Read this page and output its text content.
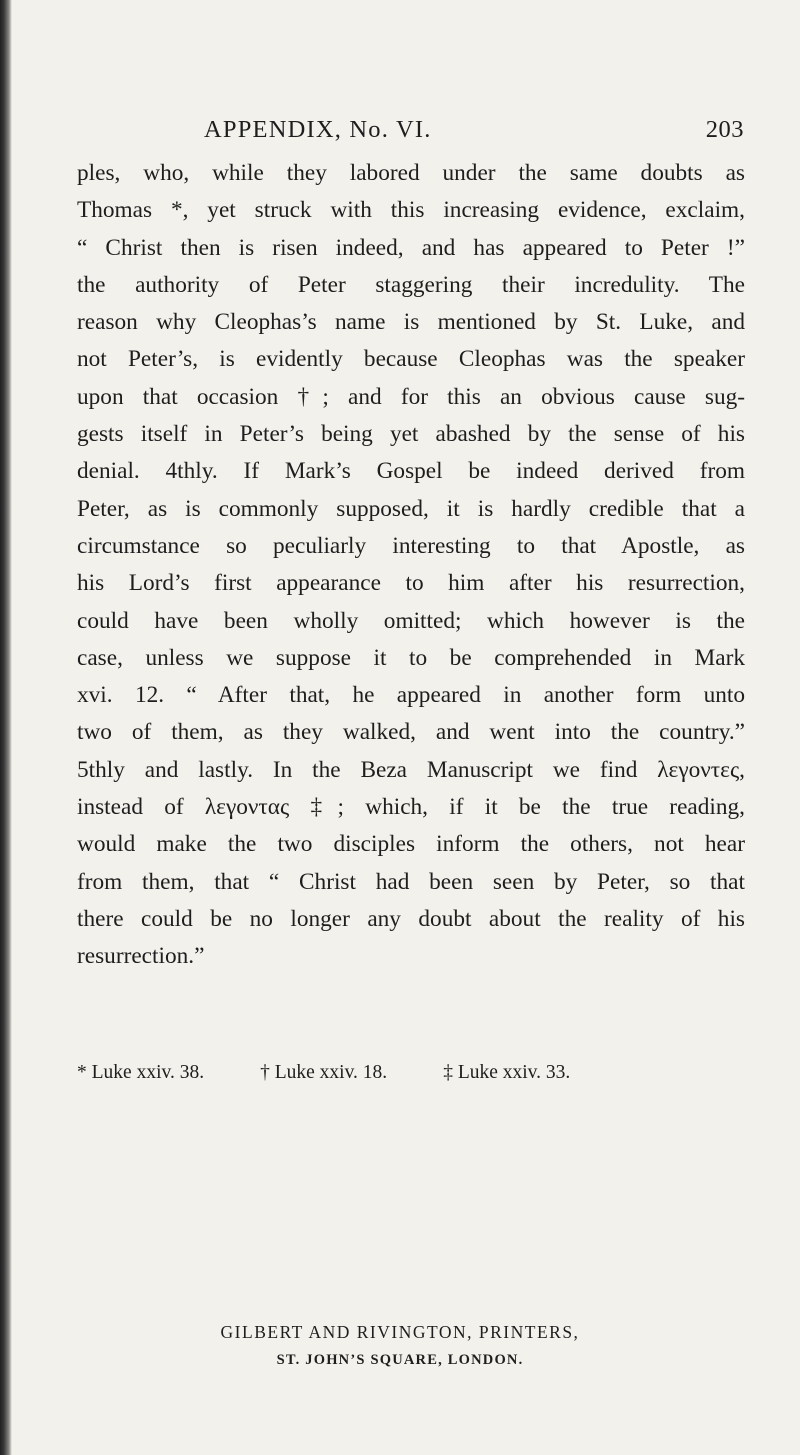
APPENDIX, No. VI.	203
ples, who, while they labored under the same doubts as
Thomas *, yet struck with this increasing evidence, exclaim,
“ Christ then is risen indeed, and has appeared to Peter !”
the authority of Peter staggering their incredulity. The
reason why Cleophas’s name is mentioned by St. Luke, and
not Peter’s, is evidently because Cleophas was the speaker
upon that occasion †; and for this an obvious cause sug-
gests itself in Peter’s being yet abashed by the sense of his
denial. 4thly. If Mark’s Gospel be indeed derived from
Peter, as is commonly supposed, it is hardly credible that a
circumstance so peculiarly interesting to that Apostle, as
his Lord’s first appearance to him after his resurrection,
could have been wholly omitted; which however is the
case, unless we suppose it to be comprehended in Mark
xvi. 12. “ After that, he appeared in another form unto
two of them, as they walked, and went into the country.”
5thly and lastly. In the Beza Manuscript we find λεγοντες,
instead of λεγοντας ‡; which, if it be the true reading,
would make the two disciples inform the others, not hear
from them, that “ Christ had been seen by Peter, so that
there could be no longer any doubt about the reality of his
resurrection.”
* Luke xxiv. 38.	† Luke xxiv. 18.	‡ Luke xxiv. 33.
GILBERT AND RIVINGTON, PRINTERS,
ST. JOHN’S SQUARE, LONDON.
